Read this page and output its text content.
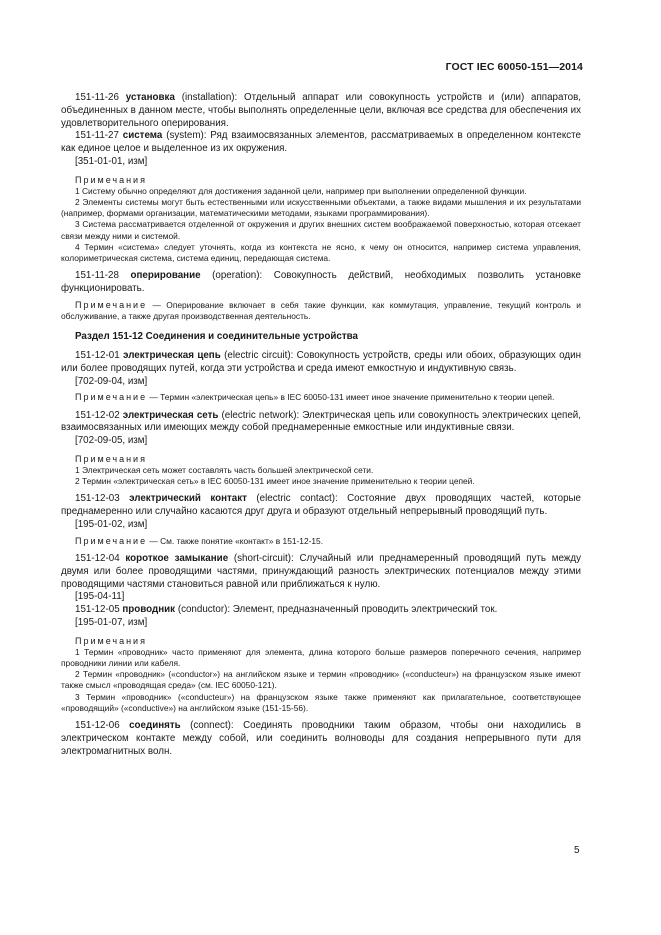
ГОСТ IEC 60050-151—2014

151-11-26 установка (installation): Отдельный аппарат или совокупность устройств и (или) аппаратов, объединенных в данном месте, чтобы выполнять определенные цели, включая все средства для обеспечения их удовлетворительного оперирования.

151-11-27 система (system): Ряд взаимосвязанных элементов, рассматриваемых в определенном контексте как единое целое и выделенное из их окружения.

[351-01-01, изм]

Примечания

1 Систему обычно определяют для достижения заданной цели, например при выполнении определенной функции.

2 Элементы системы могут быть естественными или искусственными объектами, а также видами мышления и их результатами (например, формами организации, математическими методами, языками программирования).

3 Система рассматривается отделенной от окружения и других внешних систем воображаемой поверхностью, которая отсекает связи между ними и системой.

4 Термин «система» следует уточнять, когда из контекста не ясно, к чему он относится, например система управления, колориметрическая система, система единиц, передающая система.

151-11-28 оперирование (operation): Совокупность действий, необходимых позволить установке функционировать.

Примечание — Оперирование включает в себя такие функции, как коммутация, управление, текущий контроль и обслуживание, а также другая производственная деятельность.

Раздел 151-12 Соединения и соединительные устройства

151-12-01 электрическая цепь (electric circuit): Совокупность устройств, среды или обоих, образующих один или более проводящих путей, когда эти устройства и среда имеют емкостную и индуктивную связь.

[702-09-04, изм]

Примечание — Термин «электрическая цепь» в IEC 60050-131 имеет иное значение применительно к теории цепей.

151-12-02 электрическая сеть (electric network): Электрическая цепь или совокупность электрических цепей, взаимосвязанных или имеющих между собой преднамеренные емкостные или индуктивные связи.

[702-09-05, изм]

Примечания

1 Электрическая сеть может составлять часть большей электрической сети.

2 Термин «электрическая сеть» в IEC 60050-131 имеет иное значение применительно к теории цепей.

151-12-03 электрический контакт (electric contact): Состояние двух проводящих частей, которые преднамеренно или случайно касаются друг друга и образуют отдельный непрерывный проводящий путь.

[195-01-02, изм]

Примечание — См. также понятие «контакт» в 151-12-15.

151-12-04 короткое замыкание (short-circuit): Случайный или преднамеренный проводящий путь между двумя или более проводящими частями, принуждающий разность электрических потенциалов между этими проводящими частями становиться равной или приближаться к нулю.

[195-04-11]

151-12-05 проводник (conductor): Элемент, предназначенный проводить электрический ток.

[195-01-07, изм]

Примечания

1 Термин «проводник» часто применяют для элемента, длина которого больше размеров поперечного сечения, например проводники линии или кабеля.

2 Термин «проводник» («conductor») на английском языке и термин «проводник» («conducteur») на французском языке имеют также смысл «проводящая среда» (см. IEC 60050-121).

3 Термин «проводник» («conducteur») на французском языке также применяют как прилагательное, соответствующее «проводящий» («conductive») на английском языке (151-15-56).

151-12-06 соединять (connect): Соединять проводники таким образом, чтобы они находились в электрическом контакте между собой, или соединить волноводы для создания непрерывного пути для электромагнитных волн.

5
